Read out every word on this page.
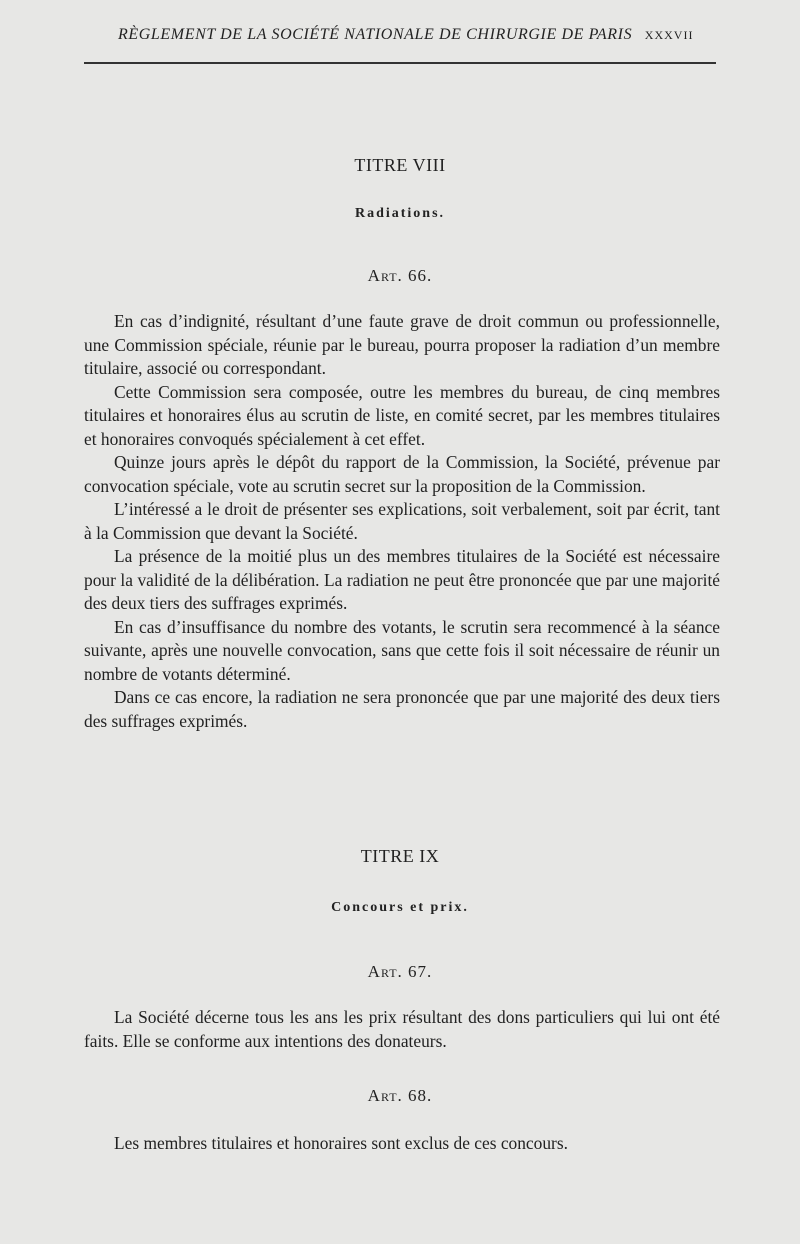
RÈGLEMENT DE LA SOCIÉTÉ NATIONALE DE CHIRURGIE DE PARIS XXXVII
TITRE VIII
Radiations.
Art. 66.

En cas d’indignité, résultant d’une faute grave de droit commun ou professionnelle, une Commission spéciale, réunie par le bureau, pourra proposer la radiation d’un membre titulaire, associé ou correspondant.

Cette Commission sera composée, outre les membres du bureau, de cinq membres titulaires et honoraires élus au scrutin de liste, en comité secret, par les membres titulaires et honoraires convoqués spécialement à cet effet.

Quinze jours après le dépôt du rapport de la Commission, la Société, prévenue par convocation spéciale, vote au scrutin secret sur la proposition de la Commission.

L’intéressé a le droit de présenter ses explications, soit verbalement, soit par écrit, tant à la Commission que devant la Société.

La présence de la moitié plus un des membres titulaires de la Société est nécessaire pour la validité de la délibération. La radiation ne peut être prononcée que par une majorité des deux tiers des suffrages exprimés.

En cas d’insuffisance du nombre des votants, le scrutin sera recommencé à la séance suivante, après une nouvelle convocation, sans que cette fois il soit nécessaire de réunir un nombre de votants déterminé.

Dans ce cas encore, la radiation ne sera prononcée que par une majorité des deux tiers des suffrages exprimés.

TITRE IX
Concours et prix.
Art. 67.

La Société décerne tous les ans les prix résultant des dons particuliers qui lui ont été faits. Elle se conforme aux intentions des donateurs.

Art. 68.

Les membres titulaires et honoraires sont exclus de ces concours.
